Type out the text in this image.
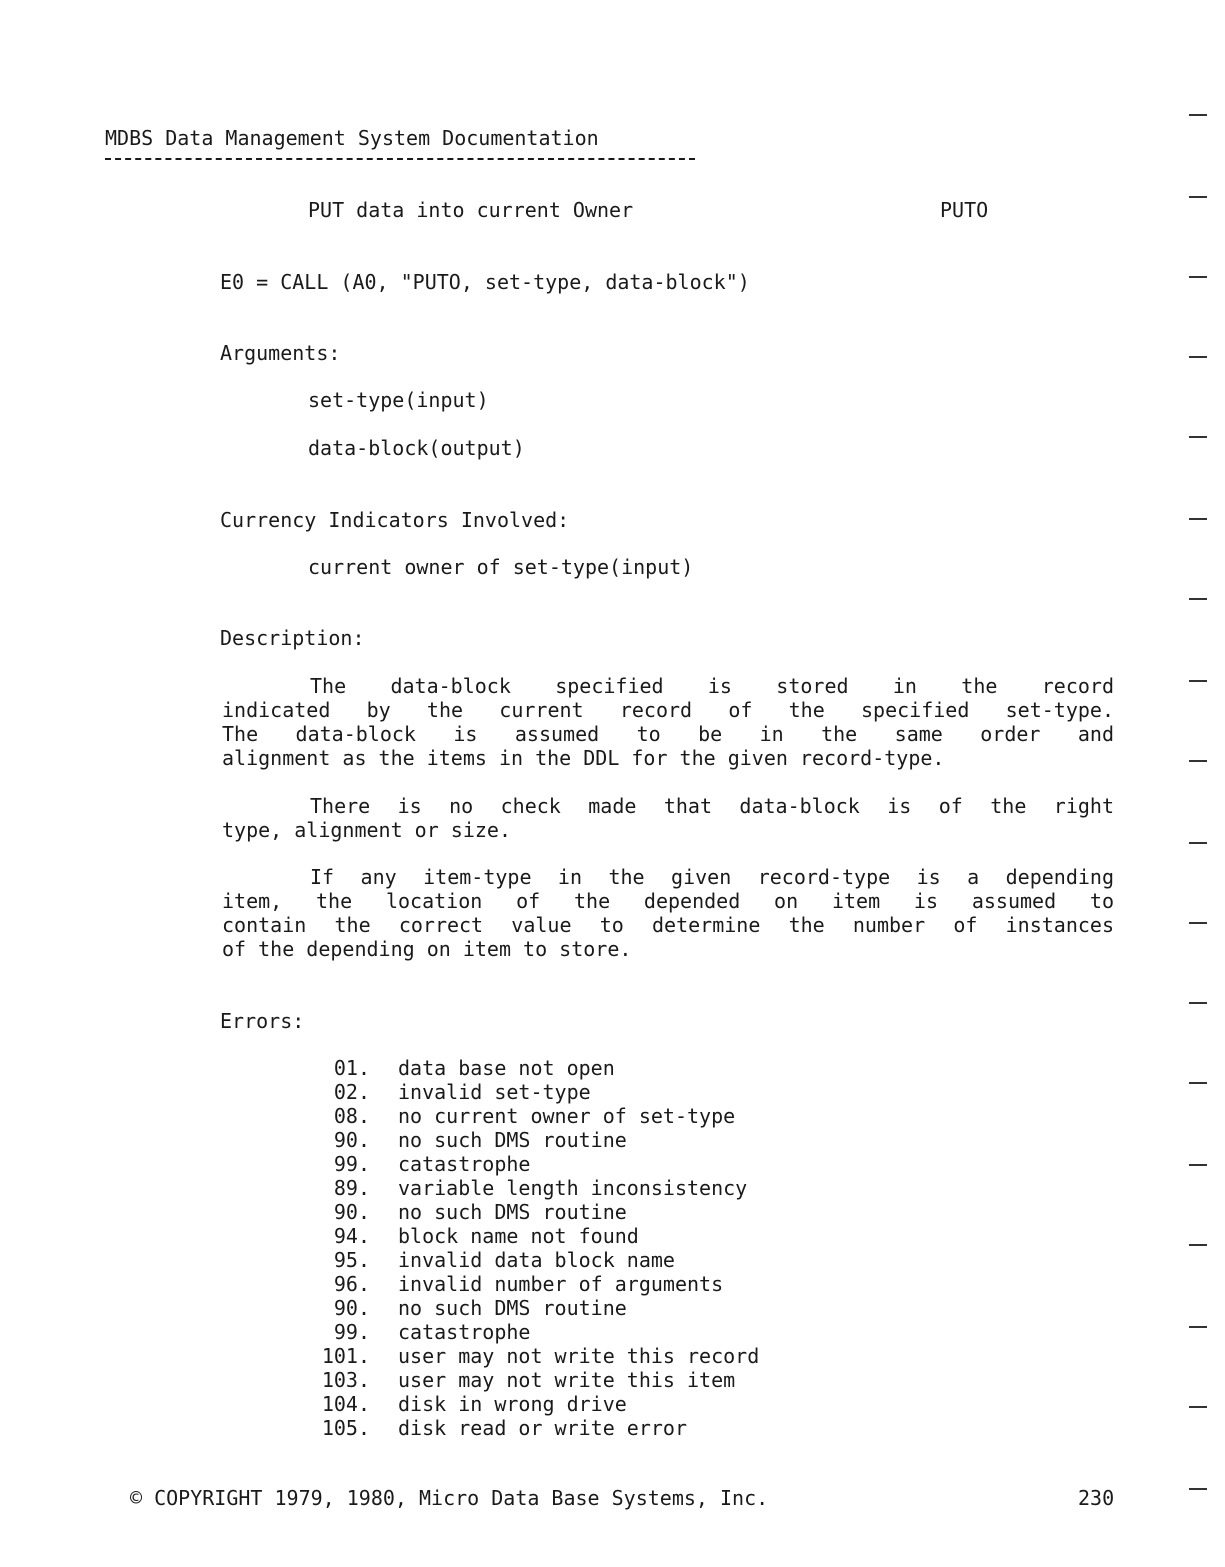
MDBS Data Management System Documentation
PUT data into current Owner	PUTO
E0 = CALL (A0, "PUTO, set-type, data-block")
Arguments:
set-type(input)
data-block(output)
Currency Indicators Involved:
current owner of set-type(input)
Description:
The data-block specified is stored in the record
indicated by the current record of the specified set-type.
The data-block is assumed to be in the same order and
alignment as the items in the DDL for the given record-type.
There is no check made that data-block is of the right
type, alignment or size.
If any item-type in the given record-type is a depending
item, the location of the depended on item is assumed to
contain the correct value to determine the number of instances
of the depending on item to store.
Errors:
01. data base not open
02. invalid set-type
08. no current owner of set-type
90. no such DMS routine
99. catastrophe
89. variable length inconsistency
90. no such DMS routine
94. block name not found
95. invalid data block name
96. invalid number of arguments
90. no such DMS routine
99. catastrophe
101. user may not write this record
103. user may not write this item
104. disk in wrong drive
105. disk read or write error
© COPYRIGHT 1979, 1980, Micro Data Base Systems, Inc.	230
